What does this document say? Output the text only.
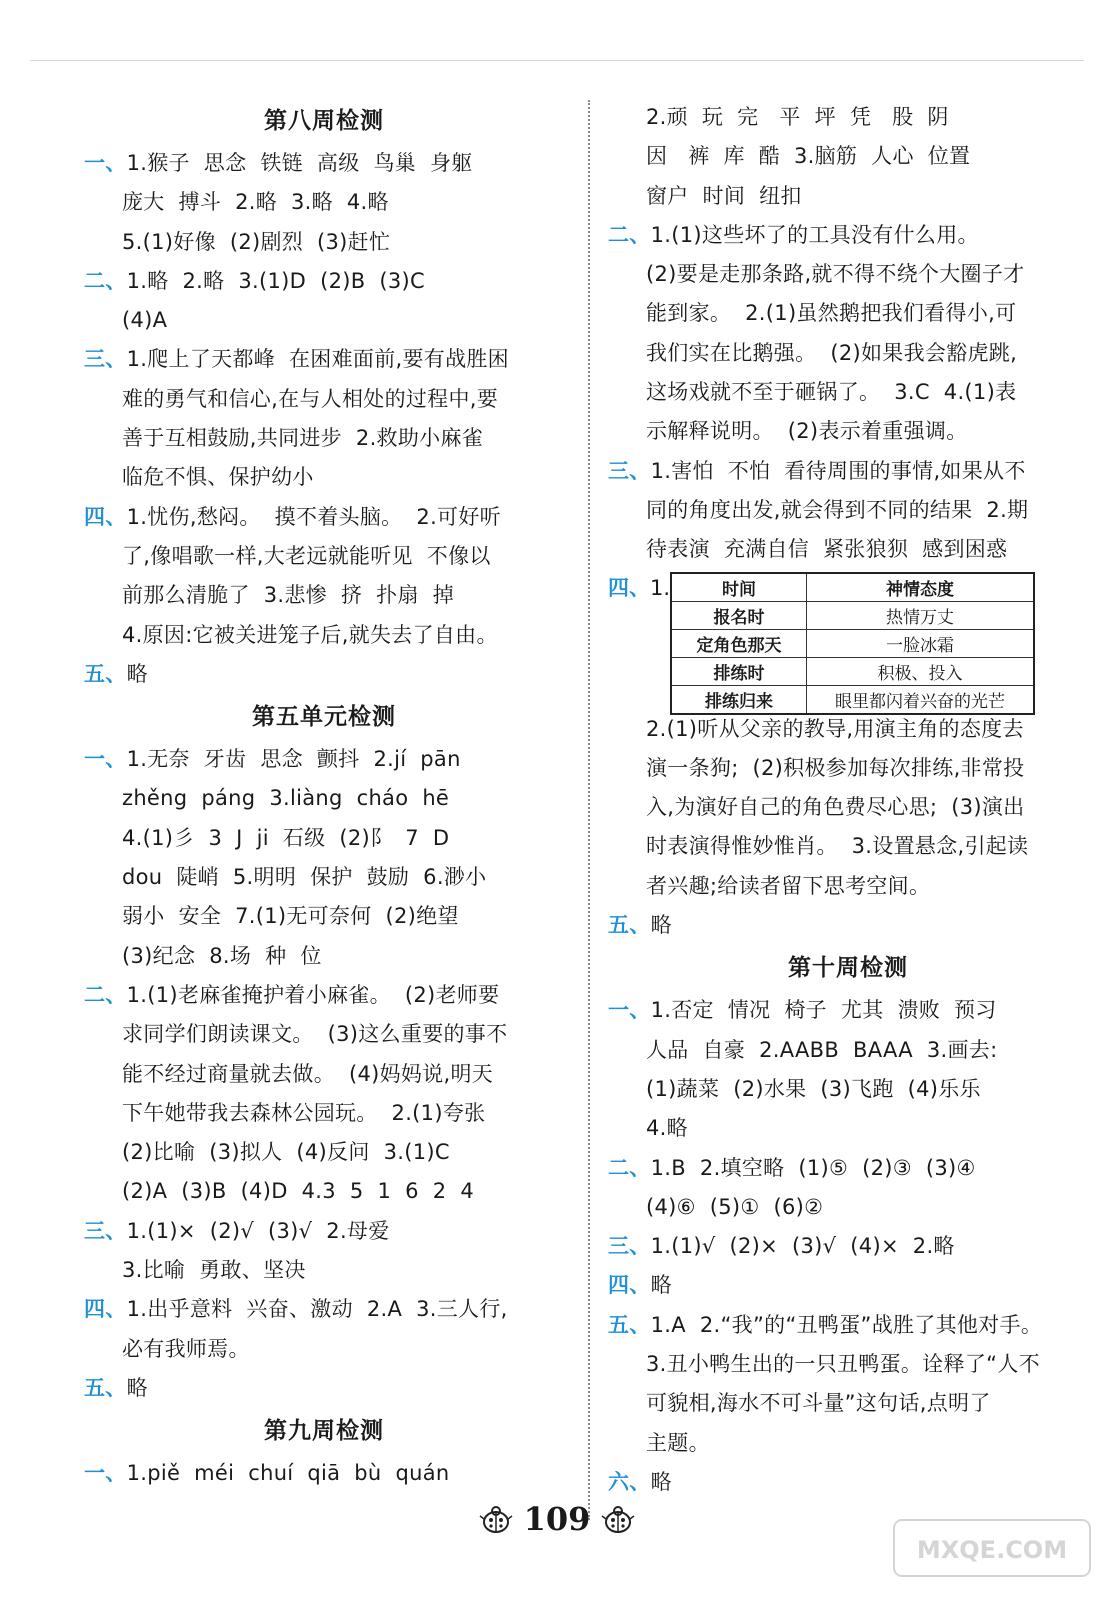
第八周检测
一、1.猴子  思念  铁链  高级  鸟巢  身躯
庞大  搏斗  2.略  3.略  4.略
5.(1)好像  (2)剧烈  (3)赶忙
二、1.略  2.略  3.(1)D  (2)B  (3)C
(4)A
三、1.爬上了天都峰  在困难面前,要有战胜困
难的勇气和信心,在与人相处的过程中,要
善于互相鼓励,共同进步  2.救助小麻雀
临危不惧、保护幼小
四、1.忧伤,愁闷。  摸不着头脑。  2.可好听
了,像唱歌一样,大老远就能听见  不像以
前那么清脆了  3.悲惨  挤  扑扇  掉
4.原因:它被关进笼子后,就失去了自由。
五、略
第五单元检测
一、1.无奈  牙齿  思念  颤抖  2.jí  pān
zhěng  páng  3.liàng  cháo  hē
4.(1)彡  3  J  ji  石级  (2)阝  7  D
dou  陡峭  5.明明  保护  鼓励  6.渺小
弱小  安全  7.(1)无可奈何  (2)绝望
(3)纪念  8.场  种  位
二、1.(1)老麻雀掩护着小麻雀。  (2)老师要
求同学们朗读课文。  (3)这么重要的事不
能不经过商量就去做。  (4)妈妈说,明天
下午她带我去森林公园玩。  2.(1)夸张
(2)比喻  (3)拟人  (4)反问  3.(1)C
(2)A  (3)B  (4)D  4.3  5  1  6  2  4
三、1.(1)×  (2)√  (3)√  2.母爱
3.比喻  勇敢、坚决
四、1.出乎意料  兴奋、激动  2.A  3.三人行,
必有我师焉。
五、略
第九周检测
一、1.piě  méi  chuí  qiā  bù  quán
2.顽  玩  完   平  坪  凭   股  阴
因   裤  库  酷  3.脑筋  人心  位置
窗户  时间  纽扣
二、1.(1)这些坏了的工具没有什么用。
(2)要是走那条路,就不得不绕个大圈子才
能到家。  2.(1)虽然鹅把我们看得小,可
我们实在比鹅强。  (2)如果我会豁虎跳,
这场戏就不至于砸锅了。  3.C  4.(1)表
示解释说明。  (2)表示着重强调。
三、1.害怕  不怕  看待周围的事情,如果从不
同的角度出发,就会得到不同的结果  2.期
待表演  充满自信  紧张狼狈  感到困惑
四、1.	时间	神情态度
报名时	热情万丈
定角色那天	一脸冰霜
排练时	积极、投入
排练归来	眼里都闪着兴奋的光芒
2.(1)听从父亲的教导,用演主角的态度去
演一条狗;  (2)积极参加每次排练,非常投
入,为演好自己的角色费尽心思;  (3)演出
时表演得惟妙惟肖。  3.设置悬念,引起读
者兴趣;给读者留下思考空间。
五、略
第十周检测
一、1.否定  情况  椅子  尤其  溃败  预习
人品  自豪  2.AABB  BAAA  3.画去:
(1)蔬菜  (2)水果  (3)飞跑  (4)乐乐
4.略
二、1.B  2.填空略  (1)⑤  (2)③  (3)④
(4)⑥  (5)①  (6)②
三、1.(1)√  (2)×  (3)√  (4)×  2.略
四、略
五、1.A  2.“我”的“丑鸭蛋”战胜了其他对手。
3.丑小鸭生出的一只丑鸭蛋。诠释了“人不
可貌相,海水不可斗量”这句话,点明了
主题。
六、略
109
MXQE.COM
